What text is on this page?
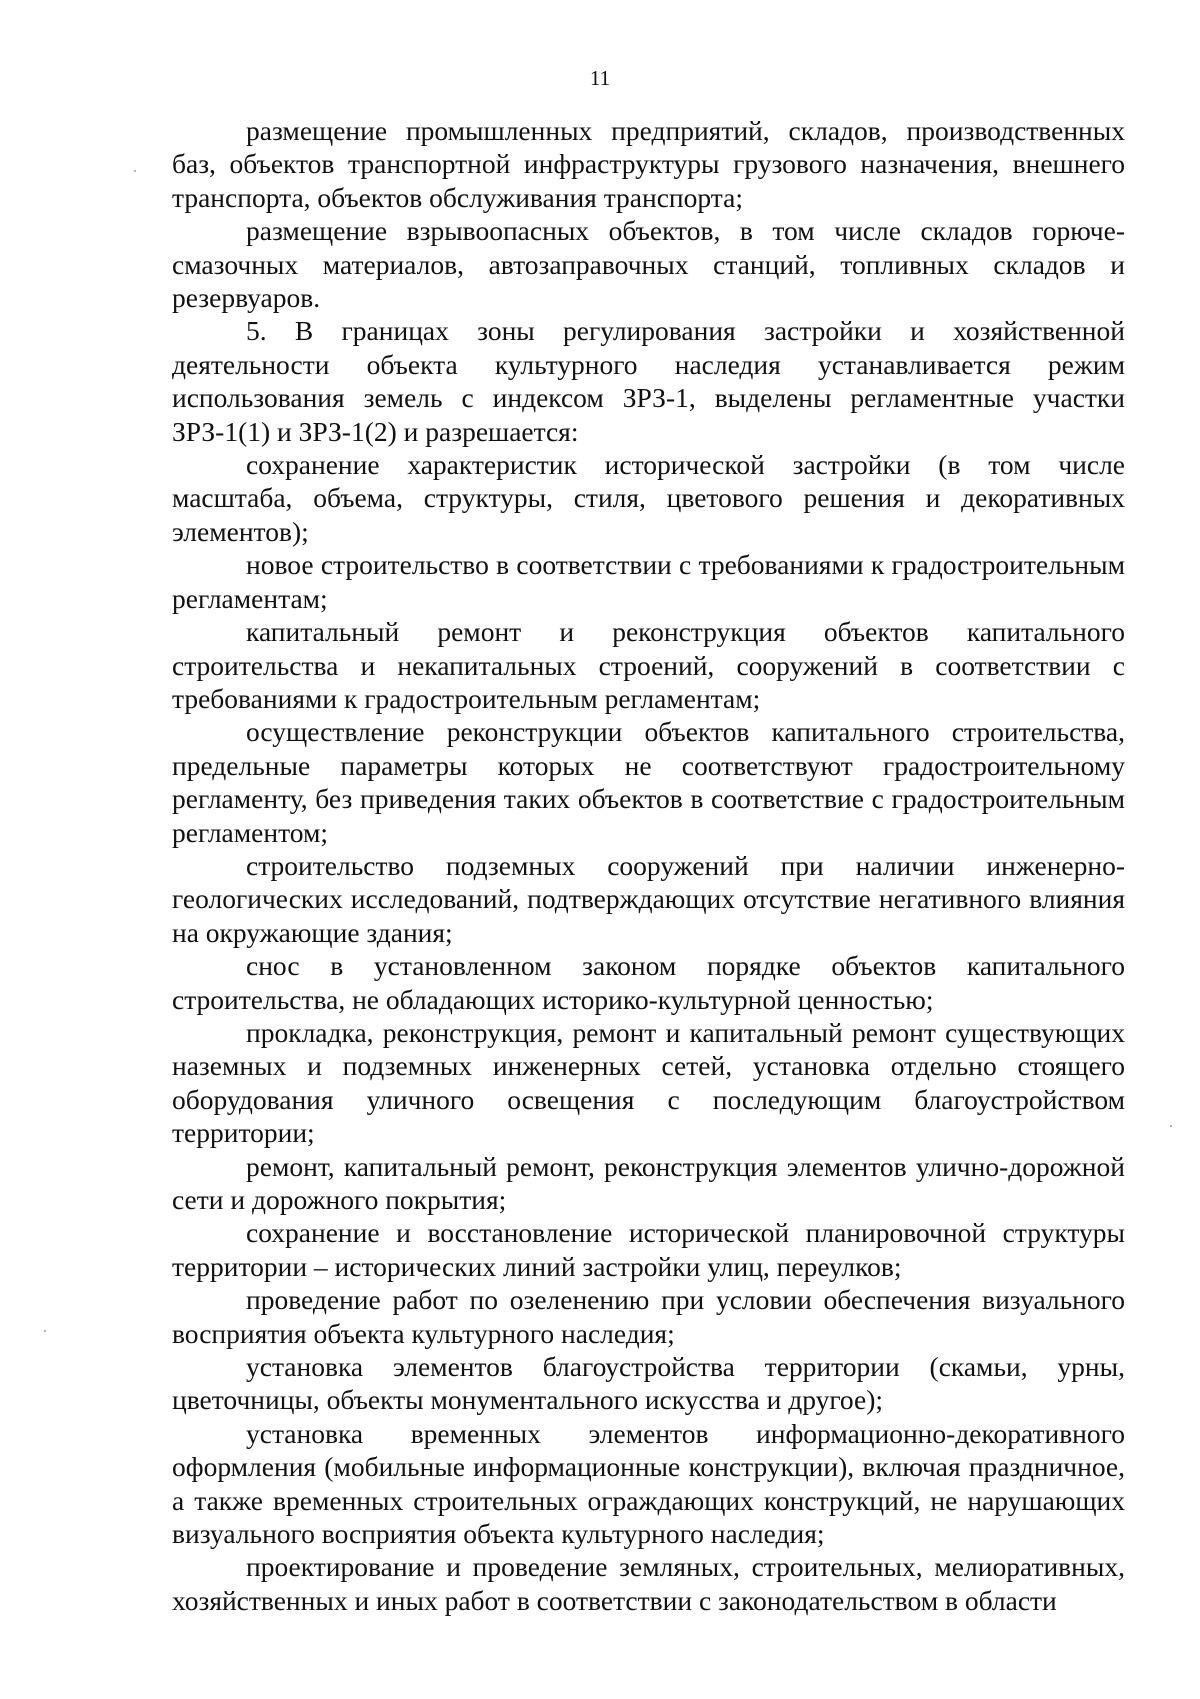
11

размещение промышленных предприятий, складов, производственных баз, объектов транспортной инфраструктуры грузового назначения, внешнего транспорта, объектов обслуживания транспорта;

размещение взрывоопасных объектов, в том числе складов горюче-смазочных материалов, автозаправочных станций, топливных складов и резервуаров.

5. В границах зоны регулирования застройки и хозяйственной деятельности объекта культурного наследия устанавливается режим использования земель с индексом ЗРЗ-1, выделены регламентные участки ЗРЗ-1(1) и ЗРЗ-1(2) и разрешается:

сохранение характеристик исторической застройки (в том числе масштаба, объема, структуры, стиля, цветового решения и декоративных элементов);

новое строительство в соответствии с требованиями к градостроительным регламентам;

капитальный ремонт и реконструкция объектов капитального строительства и некапитальных строений, сооружений в соответствии с требованиями к градостроительным регламентам;

осуществление реконструкции объектов капитального строительства, предельные параметры которых не соответствуют градостроительному регламенту, без приведения таких объектов в соответствие с градостроительным регламентом;

строительство подземных сооружений при наличии инженерно-геологических исследований, подтверждающих отсутствие негативного влияния на окружающие здания;

снос в установленном законом порядке объектов капитального строительства, не обладающих историко-культурной ценностью;

прокладка, реконструкция, ремонт и капитальный ремонт существующих наземных и подземных инженерных сетей, установка отдельно стоящего оборудования уличного освещения с последующим благоустройством территории;

ремонт, капитальный ремонт, реконструкция элементов улично-дорожной сети и дорожного покрытия;

сохранение и восстановление исторической планировочной структуры территории – исторических линий застройки улиц, переулков;

проведение работ по озеленению при условии обеспечения визуального восприятия объекта культурного наследия;

установка элементов благоустройства территории (скамьи, урны, цветочницы, объекты монументального искусства и другое);

установка временных элементов информационно-декоративного оформления (мобильные информационные конструкции), включая праздничное, а также временных строительных ограждающих конструкций, не нарушающих визуального восприятия объекта культурного наследия;

проектирование и проведение земляных, строительных, мелиоративных, хозяйственных и иных работ в соответствии с законодательством в области
